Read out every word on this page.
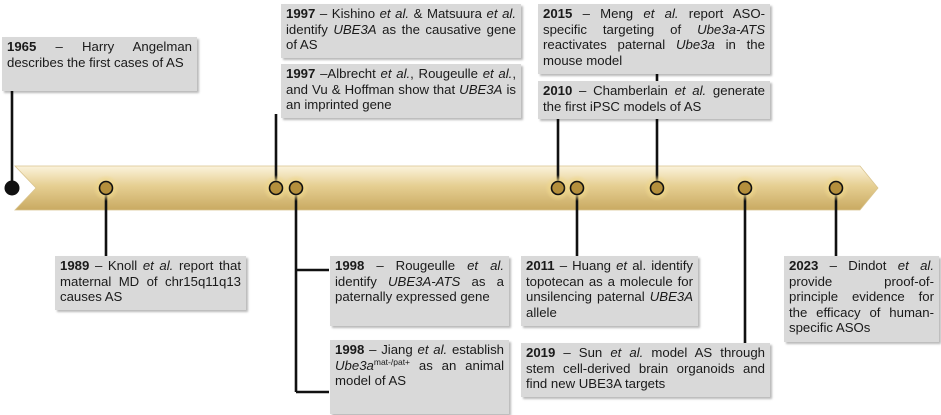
1965 – Harry Angelman describes the first cases of AS
1997 – Kishino et al. & Matsuura et al. identify UBE3A as the causative gene of AS
1997 –Albrecht et al., Rougeulle et al., and Vu & Hoffman show that UBE3A is an imprinted gene
2015 – Meng et al. report ASO-specific targeting of Ube3a-ATS reactivates paternal Ube3a in the mouse model
2010 – Chamberlain et al. generate the first iPSC models of AS
1989 – Knoll et al. report that maternal MD of chr15q11q13 causes AS
1998 – Rougeulle et al. identify UBE3A-ATS as a paternally expressed gene
1998 – Jiang et al. establish $Ube3a^{mat-/pat+}$ as an animal model of AS
2011 – Huang et al. identify topotecan as a molecule for unsilencing paternal UBE3A allele
2019 – Sun et al. model AS through stem cell-derived brain organoids and find new UBE3A targets
2023 – Dindot et al. provide proof-of-principle evidence for the efficacy of human-specific ASOs
